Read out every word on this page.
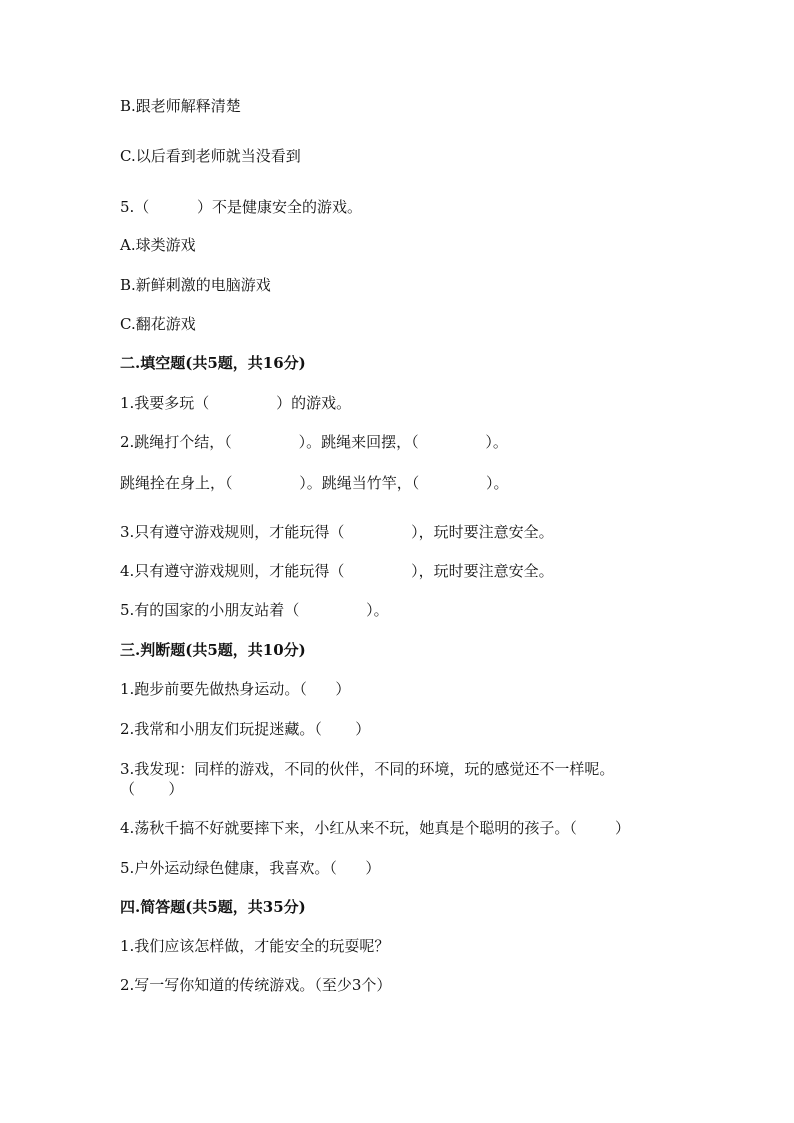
B.跟老师解释清楚
C.以后看到老师就当没看到
5.（          ）不是健康安全的游戏。
A.球类游戏
B.新鲜刺激的电脑游戏
C.翻花游戏
二.填空题(共5题，共16分)
1.我要多玩（              ）的游戏。
2.跳绳打个结，（              ）。跳绳来回摆，（              ）。
跳绳拴在身上，（              ）。跳绳当竹竿，（              ）。
3.只有遵守游戏规则，才能玩得（              ），玩时要注意安全。
4.只有遵守游戏规则，才能玩得（              ），玩时要注意安全。
5.有的国家的小朋友站着（              ）。
三.判断题(共5题，共10分)
1.跑步前要先做热身运动。（      ）
2.我常和小朋友们玩捉迷藏。（       ）
3.我发现：同样的游戏，不同的伙伴，不同的环境，玩的感觉还不一样呢。
（       ）
4.荡秋千搞不好就要摔下来，小红从来不玩，她真是个聪明的孩子。（        ）
5.户外运动绿色健康，我喜欢。（      ）
四.简答题(共5题，共35分)
1.我们应该怎样做，才能安全的玩耍呢？
2.写一写你知道的传统游戏。（至少3个）
